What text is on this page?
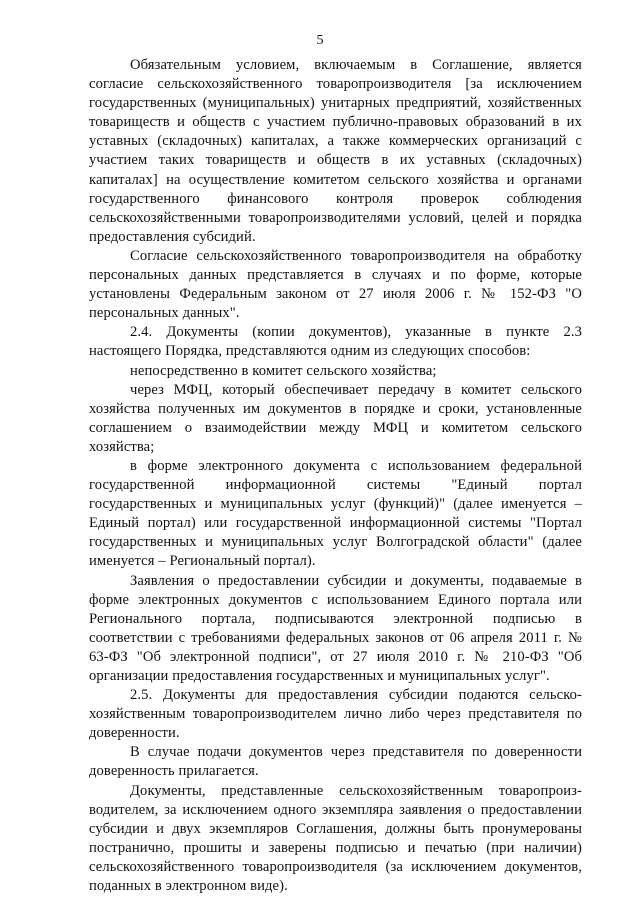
5

Обязательным условием, включаемым в Соглашение, является согласие сельскохозяйственного товаропроизводителя [за исключением государственных (муниципальных) унитарных предприятий, хозяйственных товариществ и обществ с участием публично-правовых образований в их уставных (складочных) капиталах, а также коммерческих организаций с участием таких товариществ и обществ в их уставных (складочных) капиталах] на осуществление комитетом сельского хозяйства и органами государственного финансового контроля проверок соблюдения сельскохозяйственными товаропроизводителями условий, целей и порядка предоставления субсидий.

Согласие сельскохозяйственного товаропроизводителя на обработку персональных данных представляется в случаях и по форме, которые установлены Федеральным законом от 27 июля 2006 г. № 152-ФЗ "О персональных данных".

2.4. Документы (копии документов), указанные в пункте 2.3 настоящего Порядка, представляются одним из следующих способов:

непосредственно в комитет сельского хозяйства;

через МФЦ, который обеспечивает передачу в комитет сельского хозяйства полученных им документов в порядке и сроки, установленные соглашением о взаимодействии между МФЦ и комитетом сельского хозяйства;

в форме электронного документа с использованием федеральной государственной информационной системы "Единый портал государственных и муниципальных услуг (функций)" (далее именуется – Единый портал) или государственной информационной системы "Портал государственных и муниципальных услуг Волгоградской области" (далее именуется – Региональный портал).

Заявления о предоставлении субсидии и документы, подаваемые в форме электронных документов с использованием Единого портала или Регионального портала, подписываются электронной подписью в соответствии с требованиями федеральных законов от 06 апреля 2011 г. № 63-ФЗ "Об электронной подписи", от 27 июля 2010 г. № 210-ФЗ "Об организации предоставления государственных и муниципальных услуг".

2.5. Документы для предоставления субсидии подаются сельско-хозяйственным товаропроизводителем лично либо через представителя по доверенности.

В случае подачи документов через представителя по доверенности доверенность прилагается.

Документы, представленные сельскохозяйственным товаропроиз-водителем, за исключением одного экземпляра заявления о предоставлении субсидии и двух экземпляров Соглашения, должны быть пронумерованы постранично, прошиты и заверены подписью и печатью (при наличии) сельскохозяйственного товаропроизводителя (за исключением документов, поданных в электронном виде).
